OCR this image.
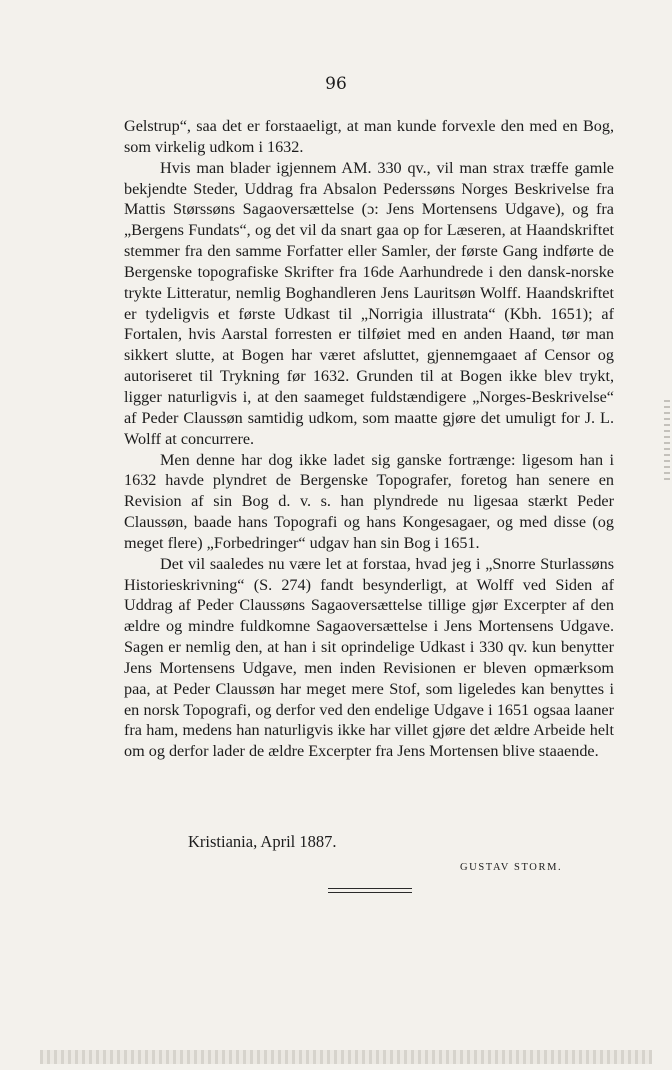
96

Gelstrup“, saa det er forstaaeligt, at man kunde forvexle den med en Bog, som virkelig udkom i 1632.

Hvis man blader igjennem AM. 330 qv., vil man strax træffe gamle bekjendte Steder, Uddrag fra Absalon Pederssøns Norges Beskrivelse fra Mattis Størssøns Sagaoversættelse (ɔ: Jens Mortensens Udgave), og fra „Bergens Fundats“, og det vil da snart gaa op for Læseren, at Haandskriftet stemmer fra den samme Forfatter eller Samler, der første Gang indførte de Bergenske topografiske Skrifter fra 16de Aarhundrede i den dansk-norske trykte Litteratur, nemlig Boghandleren Jens Lauritsøn Wolff. Haandskriftet er tydeligvis et første Udkast til „Norrigia illustrata“ (Kbh. 1651); af Fortalen, hvis Aarstal forresten er tilføiet med en anden Haand, tør man sikkert slutte, at Bogen har været afsluttet, gjennemgaaet af Censor og autoriseret til Trykning før 1632. Grunden til at Bogen ikke blev trykt, ligger naturligvis i, at den saameget fuldstændigere „Norges-Beskrivelse“ af Peder Claussøn samtidig udkom, som maatte gjøre det umuligt for J. L. Wolff at concurrere.

Men denne har dog ikke ladet sig ganske fortrænge: ligesom han i 1632 havde plyndret de Bergenske Topografer, foretog han senere en Revision af sin Bog d. v. s. han plyndrede nu ligesaa stærkt Peder Claussøn, baade hans Topografi og hans Kongesagaer, og med disse (og meget flere) „Forbedringer“ udgav han sin Bog i 1651.

Det vil saaledes nu være let at forstaa, hvad jeg i „Snorre Sturlassøns Historieskrivning“ (S. 274) fandt besynderligt, at Wolff ved Siden af Uddrag af Peder Claussøns Sagaoversættelse tillige gjør Excerpter af den ældre og mindre fuldkomne Sagaoversættelse i Jens Mortensens Udgave. Sagen er nemlig den, at han i sit oprindelige Udkast i 330 qv. kun benytter Jens Mortensens Udgave, men inden Revisionen er bleven opmærksom paa, at Peder Claussøn har meget mere Stof, som ligeledes kan benyttes i en norsk Topografi, og derfor ved den endelige Udgave i 1651 ogsaa laaner fra ham, medens han naturligvis ikke har villet gjøre det ældre Arbeide helt om og derfor lader de ældre Excerpter fra Jens Mortensen blive staaende.

Kristiania, April 1887.
GUSTAV STORM.
